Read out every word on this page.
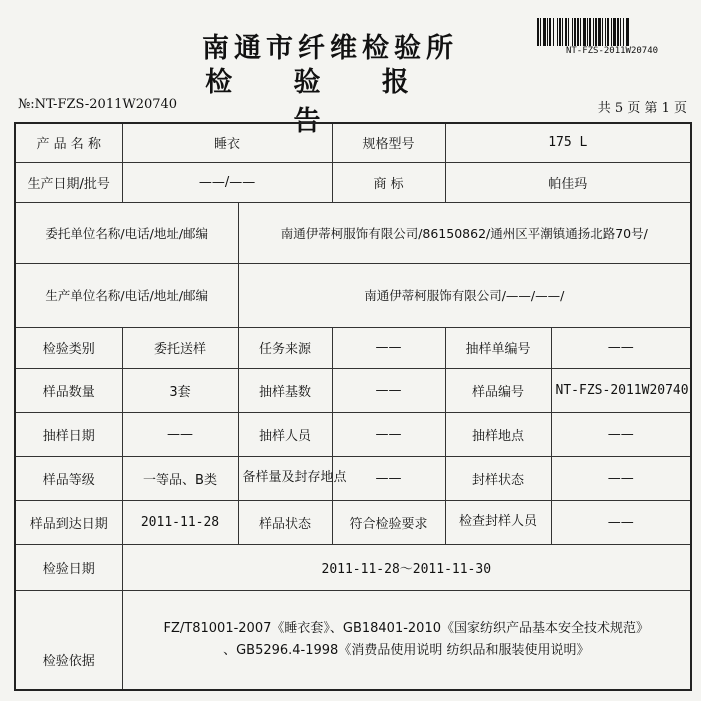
南通市纤维检验所
检 验 报 告
NT-FZS-2011W20740
№:NT-FZS-2011W20740	共 5 页 第 1 页
产 品 名 称	睡衣		规格型号	175 L	
生产日期/批号	——/——		商 标	帕佳玛	
委托单位名称/电话/地址/邮编		南通伊蒂柯服饰有限公司/86150862/通州区平潮镇通扬北路70号/			
生产单位名称/电话/地址/邮编		南通伊蒂柯服饰有限公司/——/——/			
检验类别	委托送样	任务来源	——	抽样单编号	——
样品数量	3套	抽样基数	——	样品编号	NT-FZS-2011W20740
抽样日期	——	抽样人员	——	抽样地点	——
样品等级	一等品、B类	备样量及封存地点	——	封样状态	——
样品到达日期	2011-11-28	样品状态	符合检验要求	检查封样人员	——
检验日期	2011-11-28～2011-11-30				
检验依据	FZ/T81001-2007《睡衣套》、GB18401-2010《国家纺织产品基本安全技术规范》
、GB5296.4-1998《消费品使用说明 纺织品和服装使用说明》				
